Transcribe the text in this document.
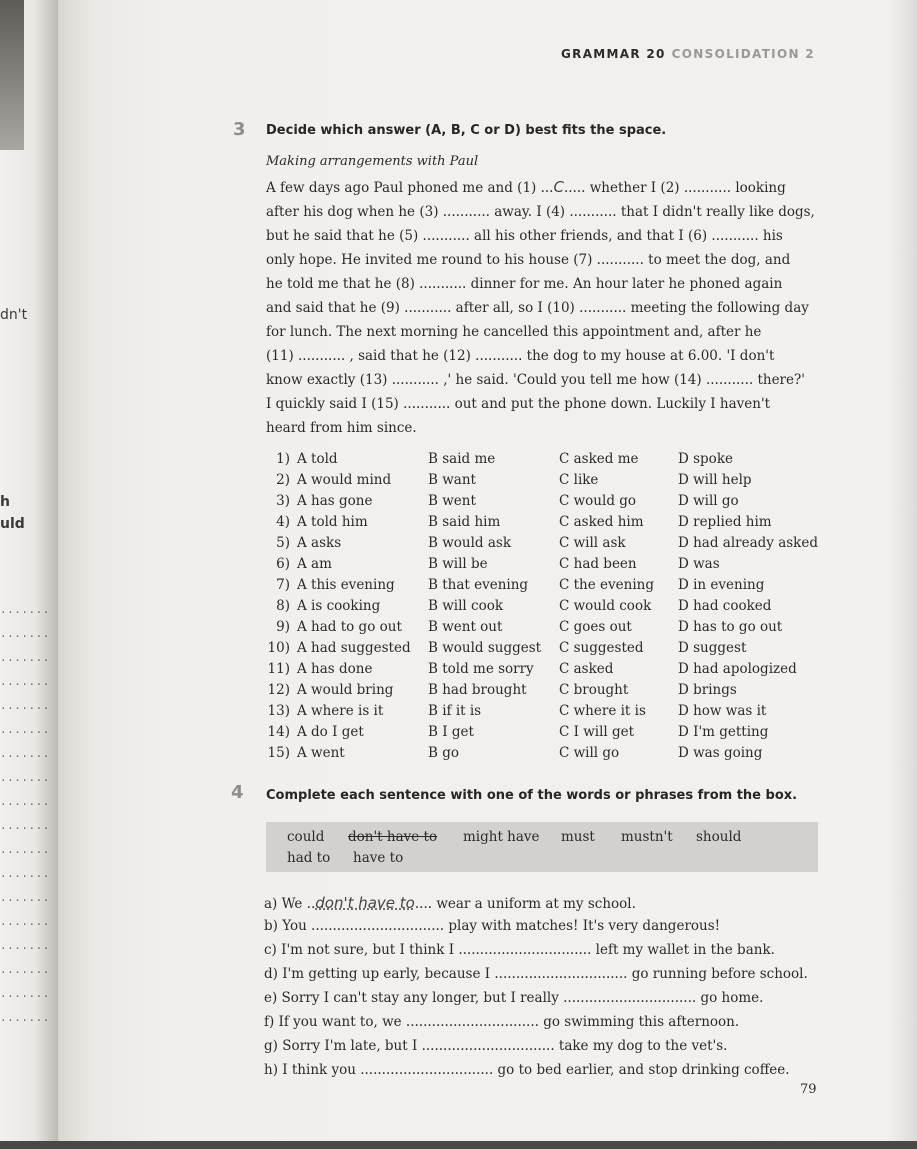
dn't
h
uld
.......
.......
.......
.......
.......
.......
.......
.......
.......
.......
.......
.......
.......
.......
.......
.......
.......
.......
GRAMMAR 20 CONSOLIDATION 2
3 Decide which answer (A, B, C or D) best fits the space.
Making arrangements with Paul
A few days ago Paul phoned me and (1) ...C..... whether I (2) ........... looking
after his dog when he (3) ........... away. I (4) ........... that I didn't really like dogs,
but he said that he (5) ........... all his other friends, and that I (6) ........... his
only hope. He invited me round to his house (7) ........... to meet the dog, and
he told me that he (8) ........... dinner for me. An hour later he phoned again
and said that he (9) ........... after all, so I (10) ........... meeting the following day
for lunch. The next morning he cancelled this appointment and, after he
(11) ........... , said that he (12) ........... the dog to my house at 6.00. 'I don't
know exactly (13) ........... ,' he said. 'Could you tell me how (14) ........... there?'
I quickly said I (15) ........... out and put the phone down. Luckily I haven't
heard from him since.
1) A told	B said me	C asked me	D spoke
2) A would mind	B want	C like	D will help
3) A has gone	B went	C would go	D will go
4) A told him	B said him	C asked him	D replied him
5) A asks	B would ask	C will ask	D had already asked
6) A am	B will be	C had been	D was
7) A this evening B that evening C the evening D in evening
8) A is cooking	B will cook	C would cook D had cooked
9) A had to go out B went out	C goes out	D has to go out
10) A had suggested B would suggest C suggested	D suggest
11) A has done	B told me sorry C asked	D had apologized
12) A would bring	B had brought C brought	D brings
13) A where is it	B if it is	C where it is D how was it
14) A do I get	B I get	C I will get	D I'm getting
15) A went	B go	C will go	D was going
4 Complete each sentence with one of the words or phrases from the box.
could don't have to might have must mustn't should
had to have to
a) We ..don't have to.... wear a uniform at my school.
b) You ............................... play with matches! It's very dangerous!
c) I'm not sure, but I think I ............................... left my wallet in the bank.
d) I'm getting up early, because I ............................... go running before school.
e) Sorry I can't stay any longer, but I really ............................... go home.
f) If you want to, we ............................... go swimming this afternoon.
g) Sorry I'm late, but I ............................... take my dog to the vet's.
h) I think you ............................... go to bed earlier, and stop drinking coffee.
79
